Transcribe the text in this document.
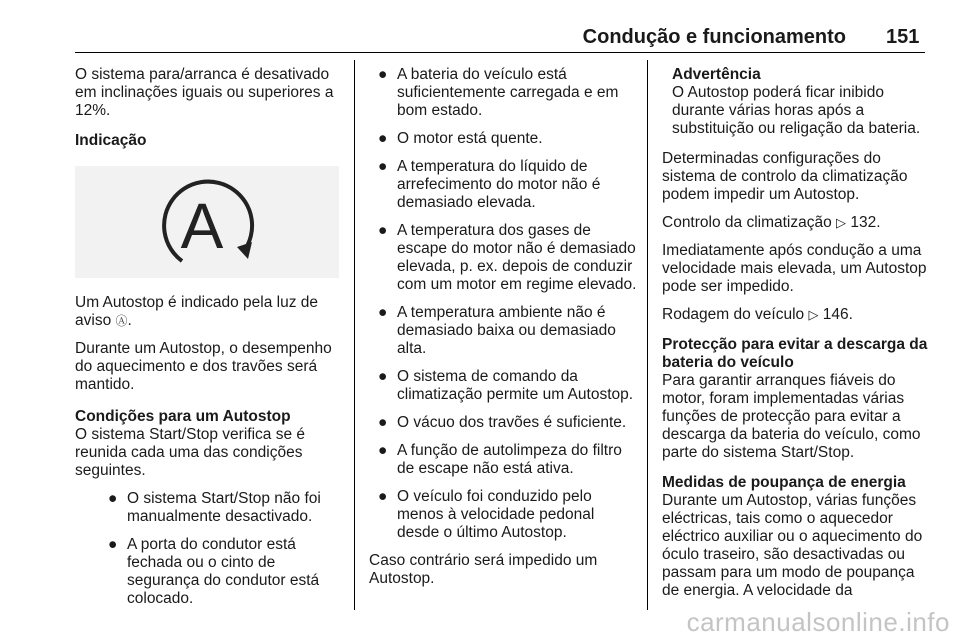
Condução e funcionamento 151

O sistema para/arranca é desativado em inclinações iguais ou superiores a 12%.

Indicação
A

Um Autostop é indicado pela luz de aviso Ⓐ.

Durante um Autostop, o desempenho do aquecimento e dos travões será mantido.

Condições para um Autostop

O sistema Start/Stop verifica se é reunida cada uma das condições seguintes.

● O sistema Start/Stop não foi manualmente desactivado.
● A porta do condutor está fechada ou o cinto de segurança do condutor está colocado.
● A bateria do veículo está suficientemente carregada e em bom estado.
● O motor está quente.
● A temperatura do líquido de arrefecimento do motor não é demasiado elevada.
● A temperatura dos gases de escape do motor não é demasiado elevada, p. ex. depois de conduzir com um motor em regime elevado.
● A temperatura ambiente não é demasiado baixa ou demasiado alta.
● O sistema de comando da climatização permite um Autostop.
● O vácuo dos travões é suficiente.
● A função de autolimpeza do filtro de escape não está ativa.
● O veículo foi conduzido pelo menos à velocidade pedonal desde o último Autostop.

Caso contrário será impedido um Autostop.

Advertência
O Autostop poderá ficar inibido durante várias horas após a substituição ou religação da bateria.

Determinadas configurações do sistema de controlo da climatização podem impedir um Autostop.

Controlo da climatização ▷ 132.

Imediatamente após condução a uma velocidade mais elevada, um Autostop pode ser impedido.

Rodagem do veículo ▷ 146.

Protecção para evitar a descarga da bateria do veículo

Para garantir arranques fiáveis do motor, foram implementadas várias funções de protecção para evitar a descarga da bateria do veículo, como parte do sistema Start/Stop.

Medidas de poupança de energia

Durante um Autostop, várias funções eléctricas, tais como o aquecedor eléctrico auxiliar ou o aquecimento do óculo traseiro, são desactivadas ou passam para um modo de poupança de energia. A velocidade da

carmanualsonline.info
